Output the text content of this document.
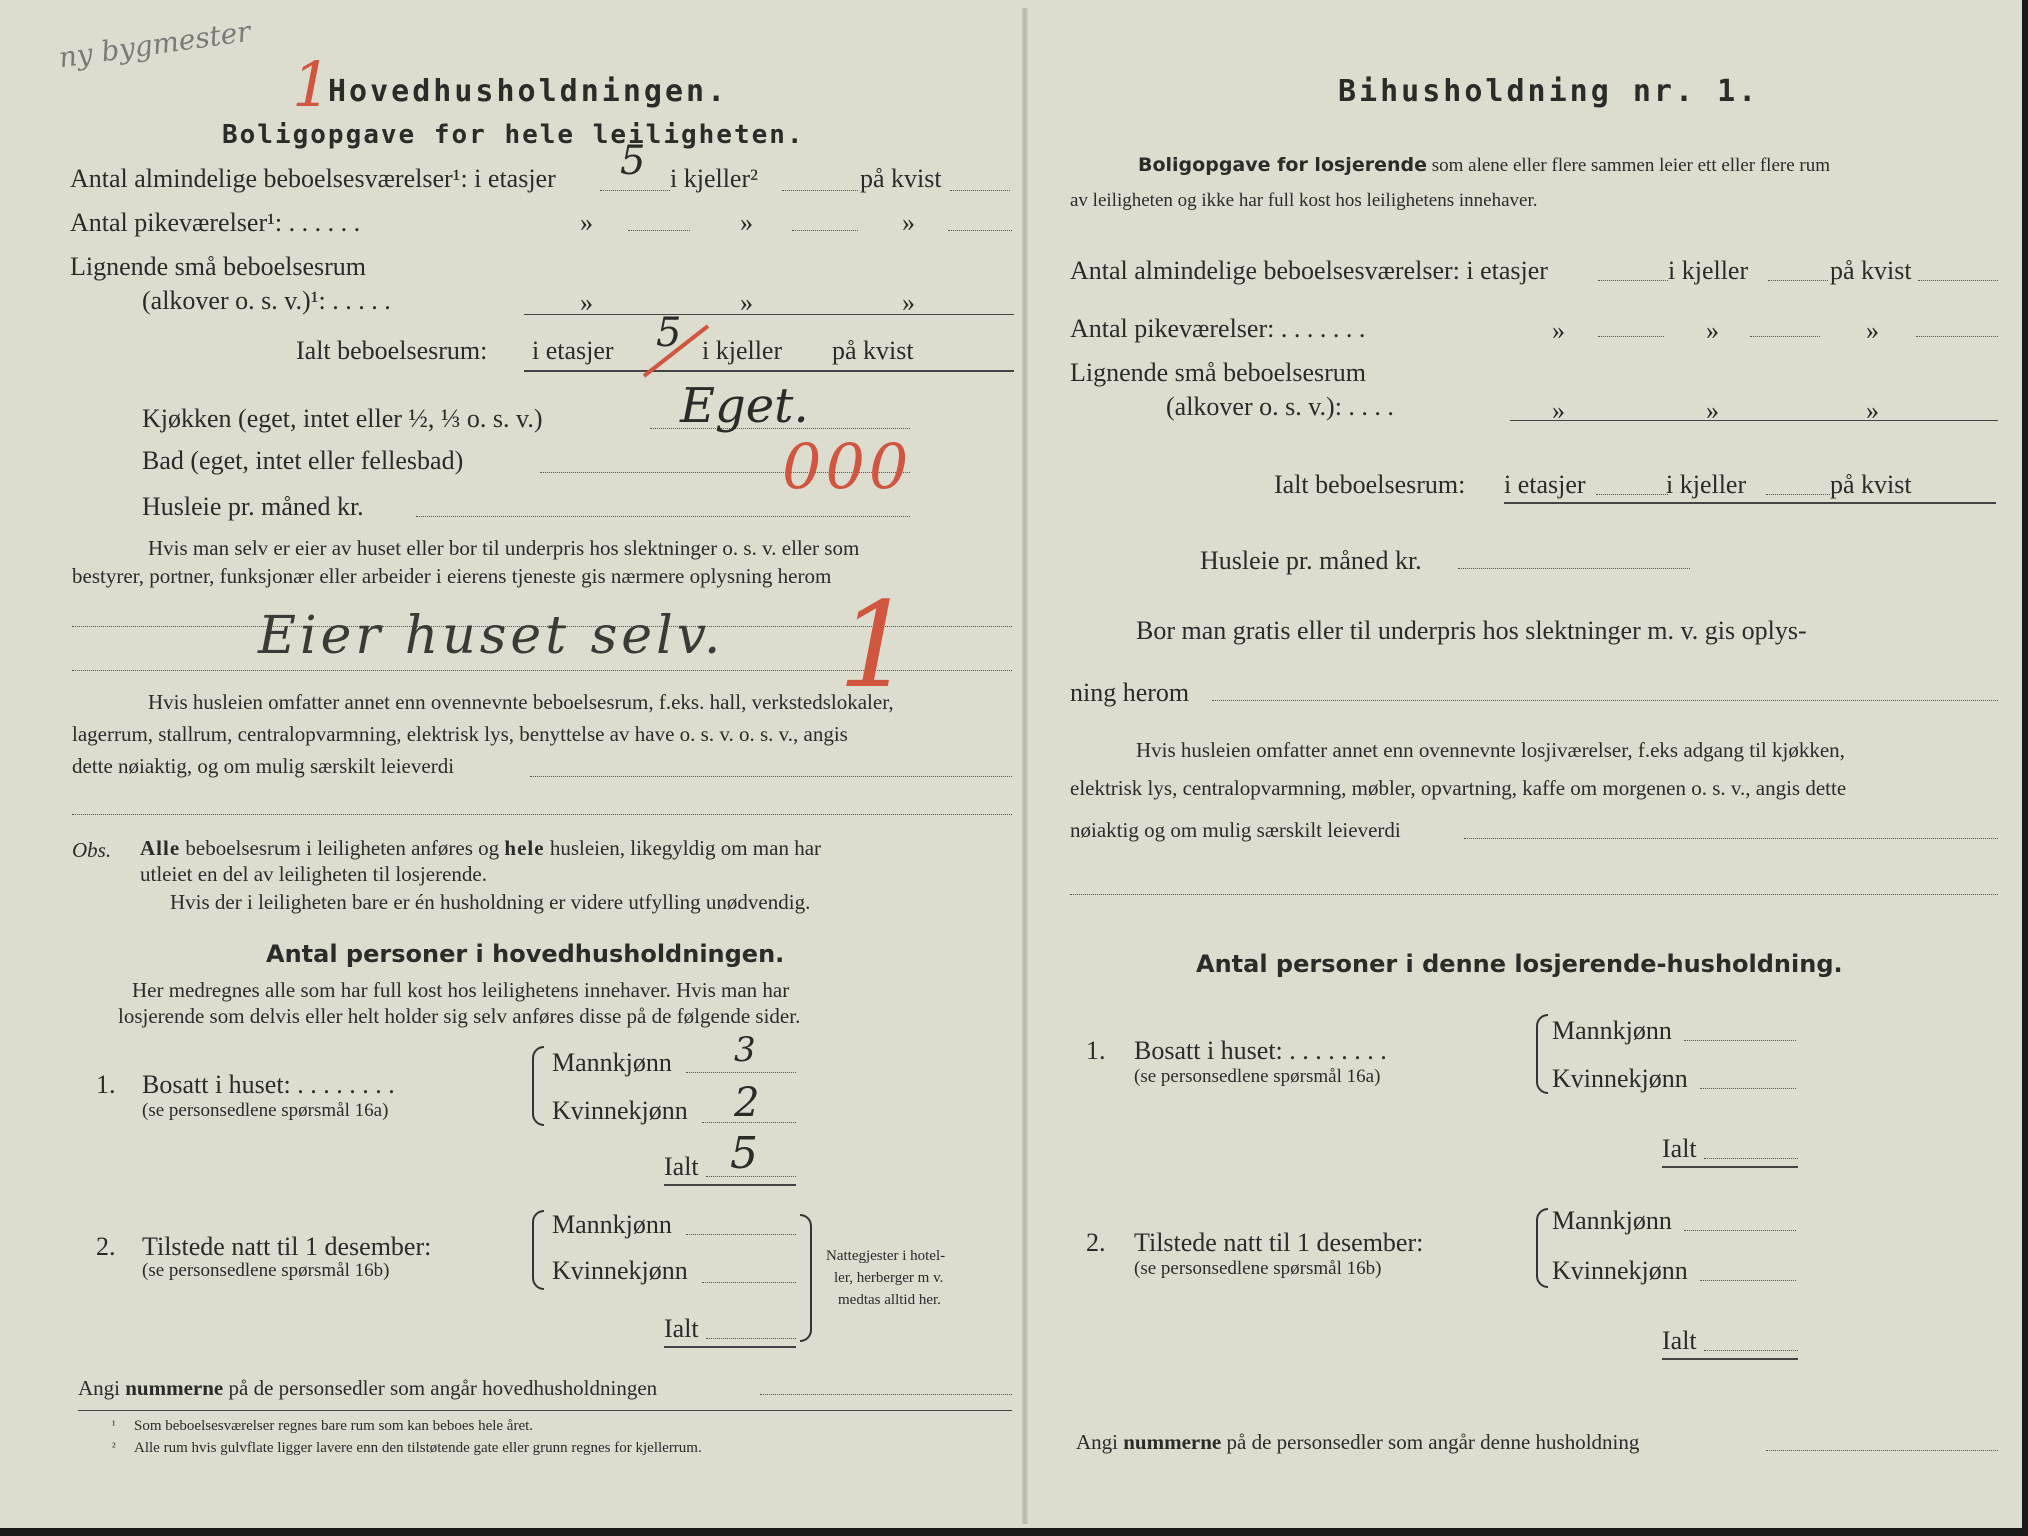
ny bygmester
1
Hovedhusholdningen.
Boligopgave for hele leiligheten.
Antal almindelige beboelsesværelser¹: i etasjer 5 i kjeller²	på kvist
Antal pikeværelser¹: . . . . . .	»	»	»
Lignende små beboelsesrum
(alkover o. s. v.)¹: . . . . .	»	»	»
Ialt beboelsesrum: i etasjer 5 i kjeller på kvist
Kjøkken (eget, intet eller ½, ⅓ o. s. v.)	Eget.
Bad (eget, intet eller fellesbad)	000
Husleie pr. måned kr.
Hvis man selv er eier av huset eller bor til underpris hos slektninger o. s. v. eller som
bestyrer, portner, funksjonær eller arbeider i eierens tjeneste gis nærmere oplysning herom
Eier huset selv. 1
Hvis husleien omfatter annet enn ovennevnte beboelsesrum, f.eks. hall, verkstedslokaler,
lagerrum, stallrum, centralopvarmning, elektrisk lys, benyttelse av have o. s. v. o. s. v., angis
dette nøiaktig, og om mulig særskilt leieverdi
Obs. Alle beboelsesrum i leiligheten anføres og hele husleien, likegyldig om man har
utleiet en del av leiligheten til losjerende.
Hvis der i leiligheten bare er én husholdning er videre utfylling unødvendig.
Antal personer i hovedhusholdningen.
Her medregnes alle som har full kost hos leilighetens innehaver. Hvis man har
losjerende som delvis eller helt holder sig selv anføres disse på de følgende sider.
1. Bosatt i huset: . . . . . . . .
(se personsedlene spørsmål 16a)
Mannkjønn 3
Kvinnekjønn 2
Ialt 5
2. Tilstede natt til 1 desember:
(se personsedlene spørsmål 16b)
Mannkjønn
Kvinnekjønn
Ialt
Nattegjester i hotel-
ler, herberger m v.
medtas alltid her.
Angi nummerne på de personsedler som angår hovedhusholdningen
¹ Som beboelsesværelser regnes bare rum som kan beboes hele året.
² Alle rum hvis gulvflate ligger lavere enn den tilstøtende gate eller grunn regnes for kjellerrum.
Bihusholdning nr. 1.
Boligopgave for losjerende som alene eller flere sammen leier ett eller flere rum
av leiligheten og ikke har full kost hos leilighetens innehaver.
Antal almindelige beboelsesværelser: i etasjer	i kjeller	på kvist
Antal pikeværelser: . . . . . . .	»	»	»
Lignende små beboelsesrum
(alkover o. s. v.): . . . .	»	»	»
Ialt beboelsesrum: i etasjer	i kjeller	på kvist
Husleie pr. måned kr.
Bor man gratis eller til underpris hos slektninger m. v. gis oplys-
ning herom
Hvis husleien omfatter annet enn ovennevnte losjiværelser, f.eks adgang til kjøkken,
elektrisk lys, centralopvarmning, møbler, opvartning, kaffe om morgenen o. s. v., angis dette
nøiaktig og om mulig særskilt leieverdi
Antal personer i denne losjerende-husholdning.
1. Bosatt i huset: . . . . . . . .
(se personsedlene spørsmål 16a)
Mannkjønn
Kvinnekjønn
Ialt
2. Tilstede natt til 1 desember:
(se personsedlene spørsmål 16b)
Mannkjønn
Kvinnekjønn
Ialt
Angi nummerne på de personsedler som angår denne husholdning
